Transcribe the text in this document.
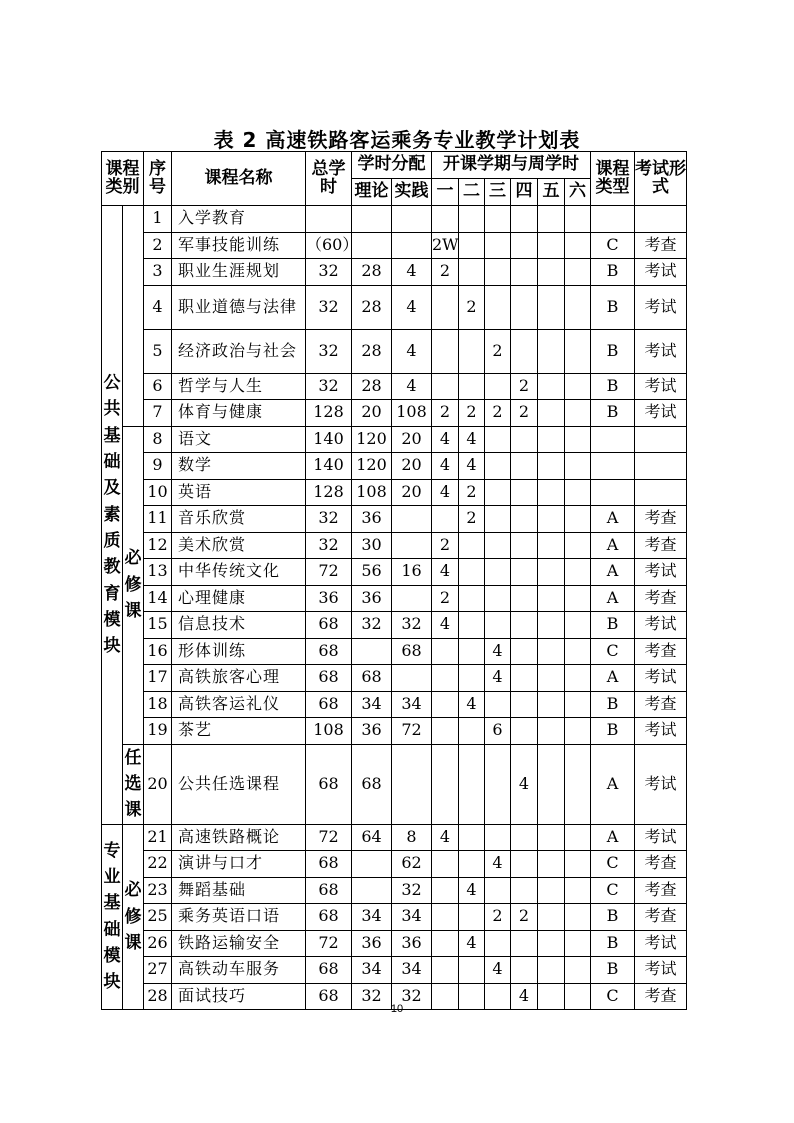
表 2 高速铁路客运乘务专业教学计划表
课程类别		序号	课程名称	总学时	学时分配		开课学期与周学时						课程类型	考试形式
					理论	实践	一	二	三	四	五	六		
公共基础及素质教育模块		1	入学教育											
		2	军事技能训练	（60）			2W						C	考查
		3	职业生涯规划	32	28	4	2						B	考试
		4	职业道德与法律	32	28	4		2					B	考试
		5	经济政治与社会	32	28	4			2				B	考试
		6	哲学与人生	32	28	4				2			B	考试
		7	体育与健康	128	20	108	2	2	2	2			B	考试
	必修课	8	语文	140	120	20	4	4						
		9	数学	140	120	20	4	4						
		10	英语	128	108	20	4	2						
		11	音乐欣赏	32	36			2					A	考查
		12	美术欣赏	32	30		2						A	考查
		13	中华传统文化	72	56	16	4						A	考试
		14	心理健康	36	36		2						A	考查
		15	信息技术	68	32	32	4						B	考试
		16	形体训练	68		68			4				C	考查
		17	高铁旅客心理	68	68				4				A	考试
		18	高铁客运礼仪	68	34	34		4					B	考查
		19	茶艺	108	36	72			6				B	考试
	任选课	20	公共任选课程	68	68					4			A	考试
专业基础模块	必修课	21	高速铁路概论	72	64	8	4						A	考试
		22	演讲与口才	68		62			4				C	考查
		23	舞蹈基础	68		32		4					C	考查
		25	乘务英语口语	68	34	34			2	2			B	考查
		26	铁路运输安全	72	36	36		4					B	考试
		27	高铁动车服务	68	34	34			4				B	考试
		28	面试技巧	68	32	32				4			C	考查
10
